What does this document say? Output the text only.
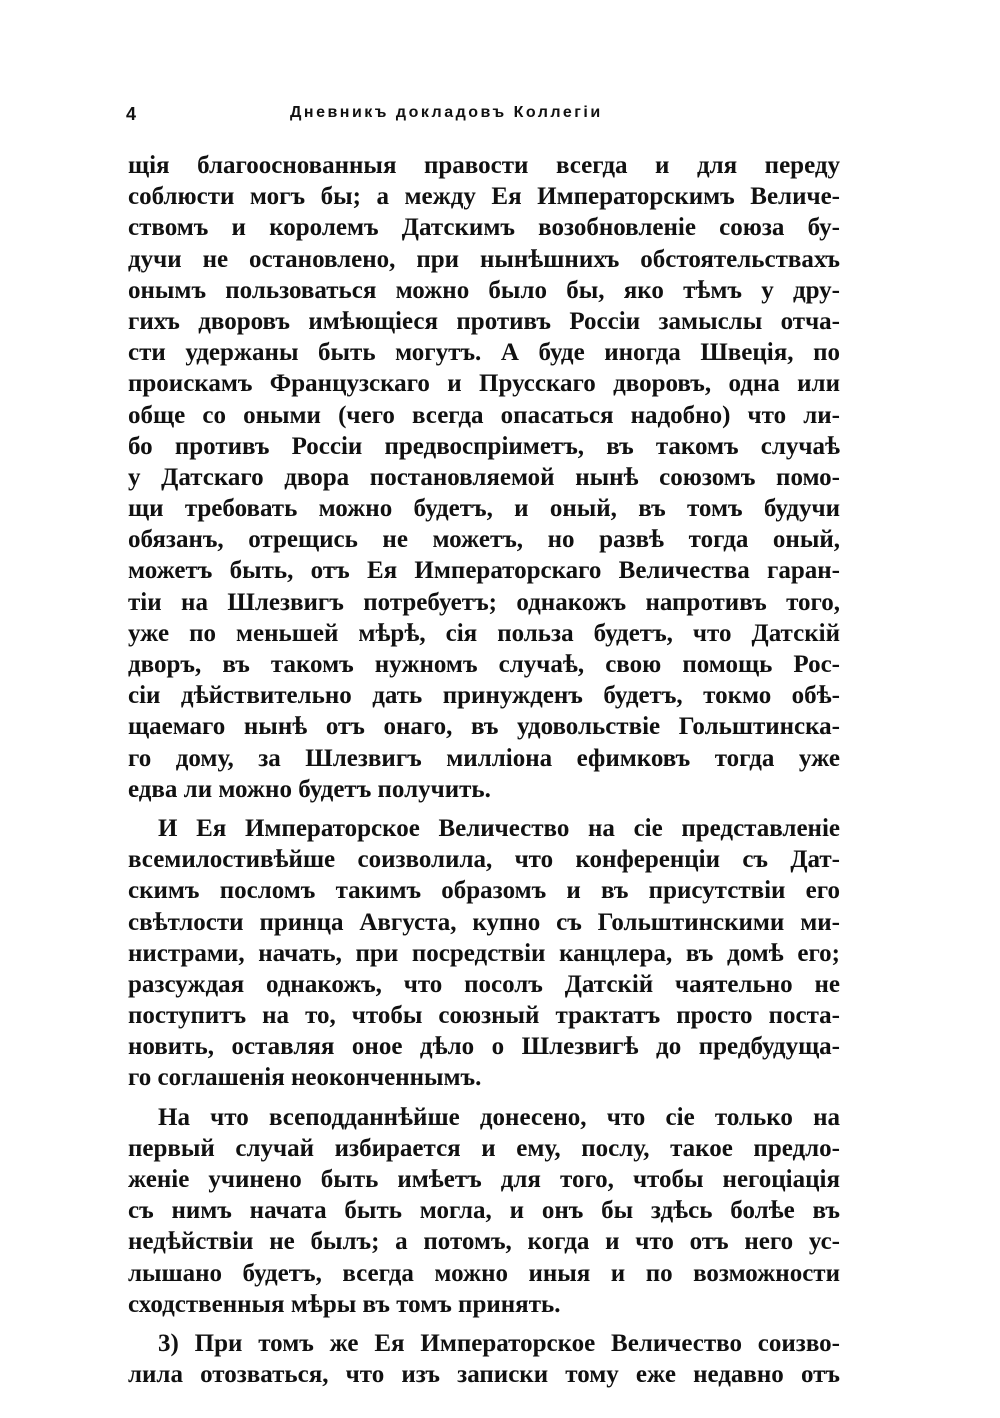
4	Дневникъ докладовъ Коллегіи
щія благооснованныя правости всегда и для переду
соблюсти могъ бы; а между Ея Императорскимъ Величе-
ствомъ и королемъ Датскимъ возобновленіе союза бу-
дучи не остановлено, при нынѣшнихъ обстоятельствахъ
онымъ пользоваться можно было бы, яко тѣмъ у дру-
гихъ дворовъ имѣющіеся противъ Россіи замыслы отча-
сти удержаны быть могутъ. А буде иногда Швеція, по
проискамъ Французскаго и Прусскаго дворовъ, одна или
обще со оными (чего всегда опасаться надобно) что ли-
бо противъ Россіи предвоспріиметъ, въ такомъ случаѣ
у Датскаго двора постановляемой нынѣ союзомъ помо-
щи требовать можно будетъ, и оный, въ томъ будучи
обязанъ, отрещись не можетъ, но развѣ тогда оный,
можетъ быть, отъ Ея Императорскаго Величества гаран-
тіи на Шлезвигъ потребуетъ; однакожъ напротивъ того,
уже по меньшей мѣрѣ, сія польза будетъ, что Датскій
дворъ, въ такомъ нужномъ случаѣ, свою помощь Рос-
сіи дѣйствительно дать принужденъ будетъ, токмо обѣ-
щаемаго нынѣ отъ онаго, въ удовольствіе Гольштинска-
го дому, за Шлезвигъ милліона ефимковъ тогда уже
едва ли можно будетъ получить.
И Ея Императорское Величество на сіе представленіе
всемилостивѣйше соизволила, что конференціи съ Дат-
скимъ посломъ такимъ образомъ и въ присутствіи его
свѣтлости принца Августа, купно съ Гольштинскими ми-
нистрами, начать, при посредствіи канцлера, въ домѣ его;
разсуждая однакожъ, что посолъ Датскій чаятельно не
поступитъ на то, чтобы союзный трактатъ просто поста-
новить, оставляя оное дѣло о Шлезвигѣ до предбудуща-
го соглашенія неоконченнымъ.
На что всеподданнѣйше донесено, что сіе только на
первый случай избирается и ему, послу, такое предло-
женіе учинено быть имѣетъ для того, чтобы негоціація
съ нимъ начата быть могла, и онъ бы здѣсь болѣе въ
недѣйствіи не былъ; а потомъ, когда и что отъ него ус-
лышано будетъ, всегда можно иныя и по возможности
сходственныя мѣры въ томъ принять.
3) При томъ же Ея Императорское Величество соизво-
лила отозваться, что изъ записки тому еже недавно отъ
